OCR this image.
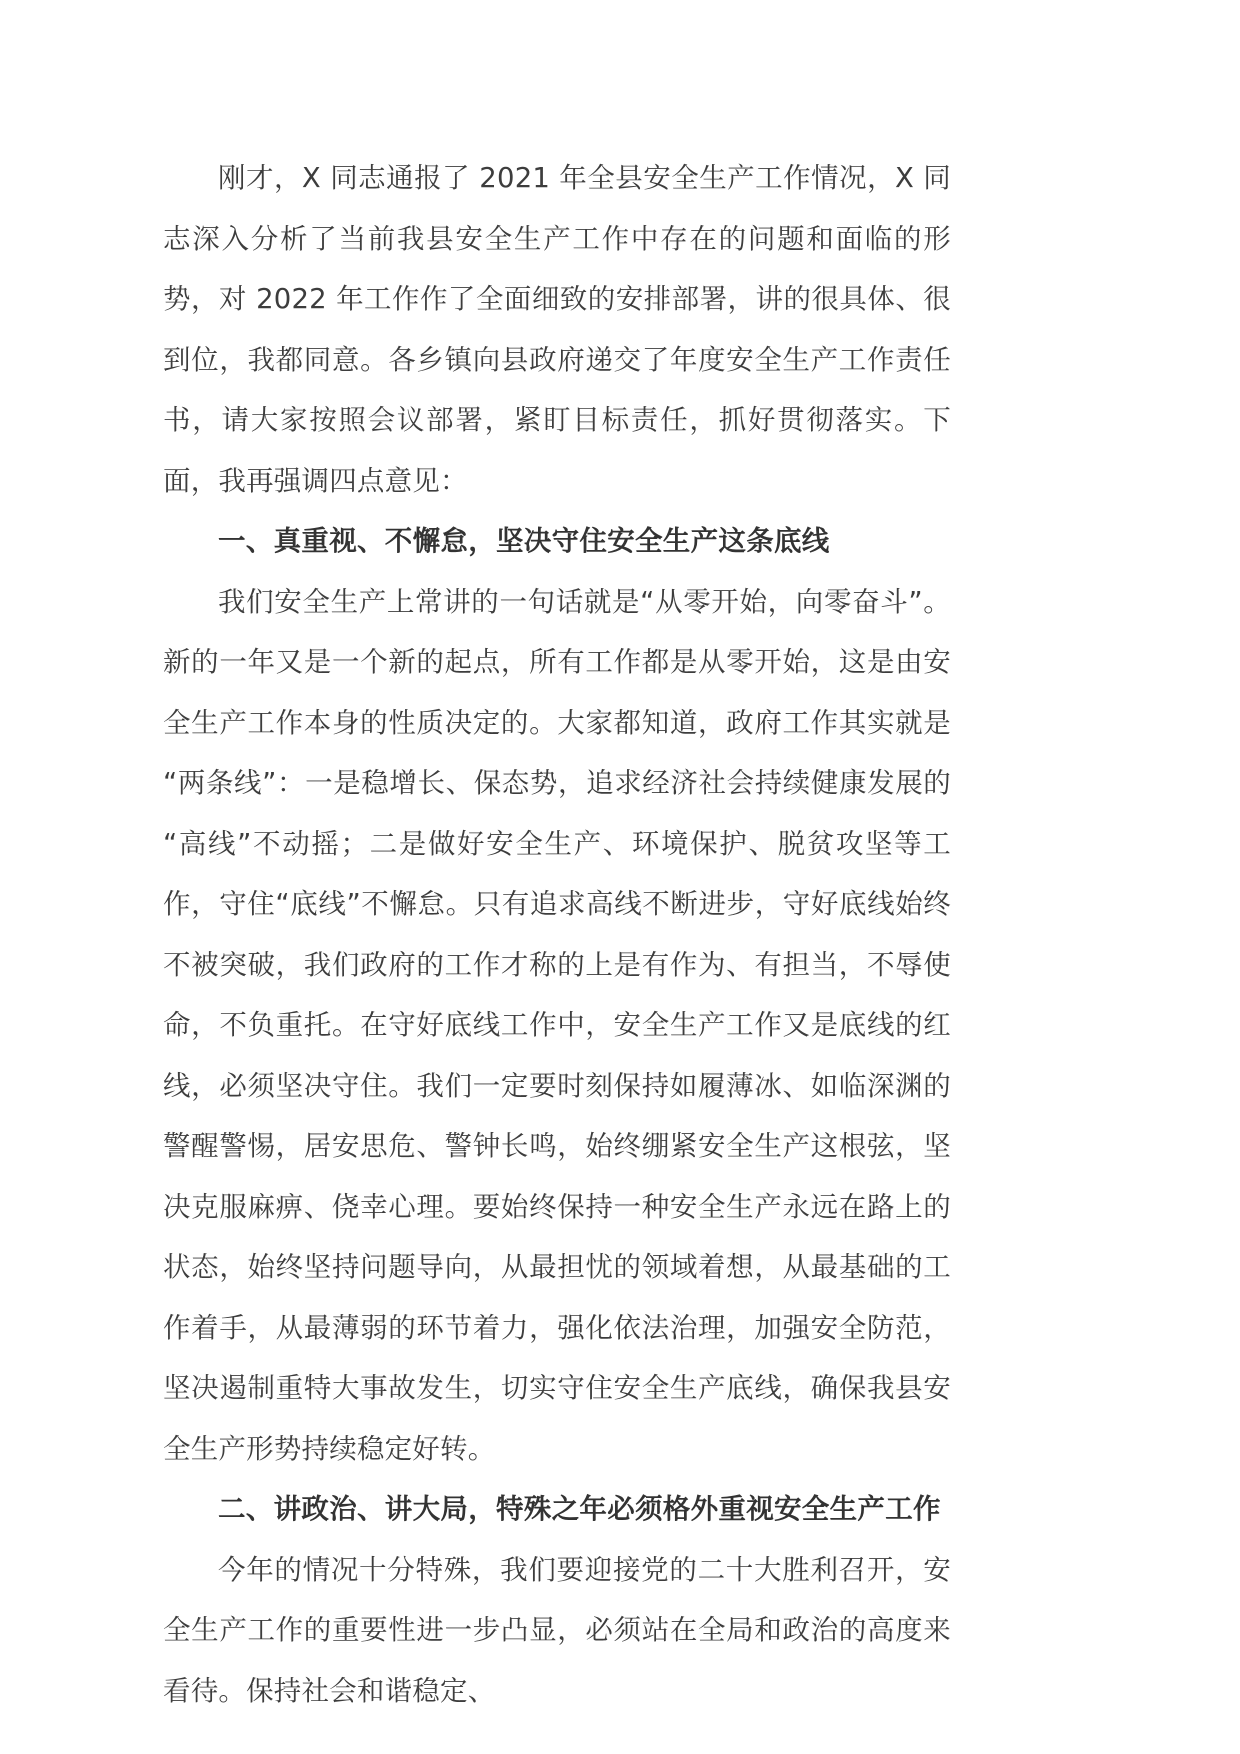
刚才，X 同志通报了 2021 年全县安全生产工作情况，X 同志深入分析了当前我县安全生产工作中存在的问题和面临的形势，对 2022 年工作作了全面细致的安排部署，讲的很具体、很到位，我都同意。各乡镇向县政府递交了年度安全生产工作责任书，请大家按照会议部署，紧盯目标责任，抓好贯彻落实。下面，我再强调四点意见：

一、真重视、不懈怠，坚决守住安全生产这条底线

我们安全生产上常讲的一句话就是“从零开始，向零奋斗”。新的一年又是一个新的起点，所有工作都是从零开始，这是由安全生产工作本身的性质决定的。大家都知道，政府工作其实就是“两条线”：一是稳增长、保态势，追求经济社会持续健康发展的“高线”不动摇；二是做好安全生产、环境保护、脱贫攻坚等工作，守住“底线”不懈怠。只有追求高线不断进步，守好底线始终不被突破，我们政府的工作才称的上是有作为、有担当，不辱使命，不负重托。在守好底线工作中，安全生产工作又是底线的红线，必须坚决守住。我们一定要时刻保持如履薄冰、如临深渊的警醒警惕，居安思危、警钟长鸣，始终绷紧安全生产这根弦，坚决克服麻痹、侥幸心理。要始终保持一种安全生产永远在路上的状态，始终坚持问题导向，从最担忧的领域着想，从最基础的工作着手，从最薄弱的环节着力，强化依法治理，加强安全防范，坚决遏制重特大事故发生，切实守住安全生产底线，确保我县安全生产形势持续稳定好转。

二、讲政治、讲大局，特殊之年必须格外重视安全生产工作

今年的情况十分特殊，我们要迎接党的二十大胜利召开，安全生产工作的重要性进一步凸显，必须站在全局和政治的高度来看待。保持社会和谐稳定、
